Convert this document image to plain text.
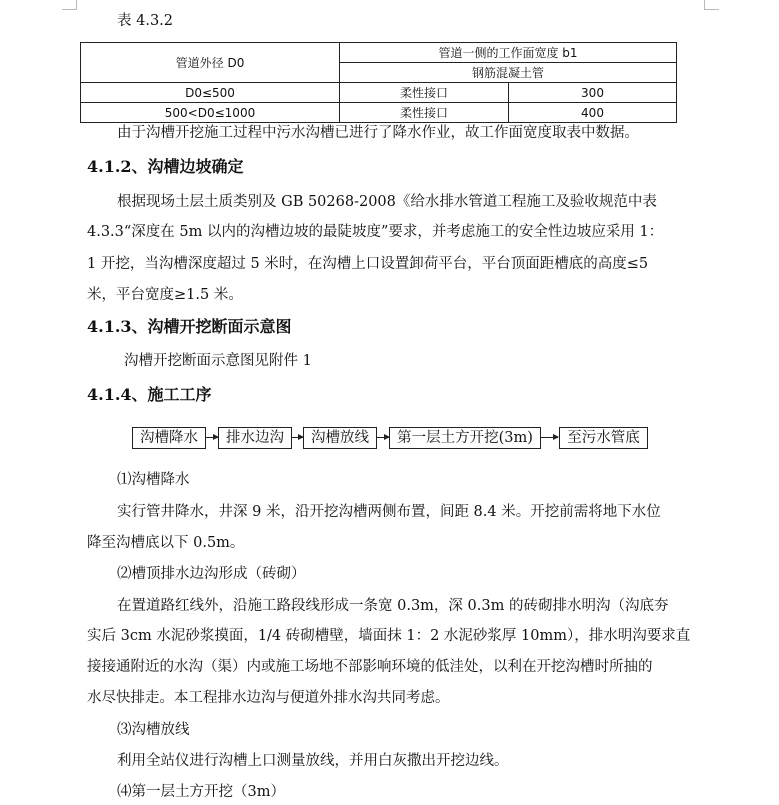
表 4.3.2
管道外径 D0	管道一侧的工作面宽度 b1	
	钢筋混凝土管	
D0≤500	柔性接口	300
500<D0≤1000	柔性接口	400
由于沟槽开挖施工过程中污水沟槽已进行了降水作业，故工作面宽度取表中数据。
4.1.2、沟槽边坡确定
根据现场土层土质类别及 GB 50268-2008《给水排水管道工程施工及验收规范中表
4.3.3“深度在 5m 以内的沟槽边坡的最陡坡度”要求，并考虑施工的安全性边坡应采用 1：
1 开挖，当沟槽深度超过 5 米时，在沟槽上口设置卸荷平台，平台顶面距槽底的高度≤5
米，平台宽度≥1.5 米。
4.1.3、沟槽开挖断面示意图
沟槽开挖断面示意图见附件 1
4.1.4、施工工序
沟槽降水	排水边沟	沟槽放线	第一层土方开挖(3m)	至污水管底
⑴沟槽降水
实行管井降水，井深 9 米，沿开挖沟槽两侧布置，间距 8.4 米。开挖前需将地下水位
降至沟槽底以下 0.5m。
⑵槽顶排水边沟形成（砖砌）
在置道路红线外，沿施工路段线形成一条宽 0.3m，深 0.3m 的砖砌排水明沟（沟底夯
实后 3cm 水泥砂浆摸面，1/4 砖砌槽壁，墙面抹 1：2 水泥砂浆厚 10mm），排水明沟要求直
接接通附近的水沟（渠）内或施工场地不部影响环境的低洼处，以利在开挖沟槽时所抽的
水尽快排走。本工程排水边沟与便道外排水沟共同考虑。
⑶沟槽放线
利用全站仪进行沟槽上口测量放线，并用白灰撒出开挖边线。
⑷第一层土方开挖（3m）
